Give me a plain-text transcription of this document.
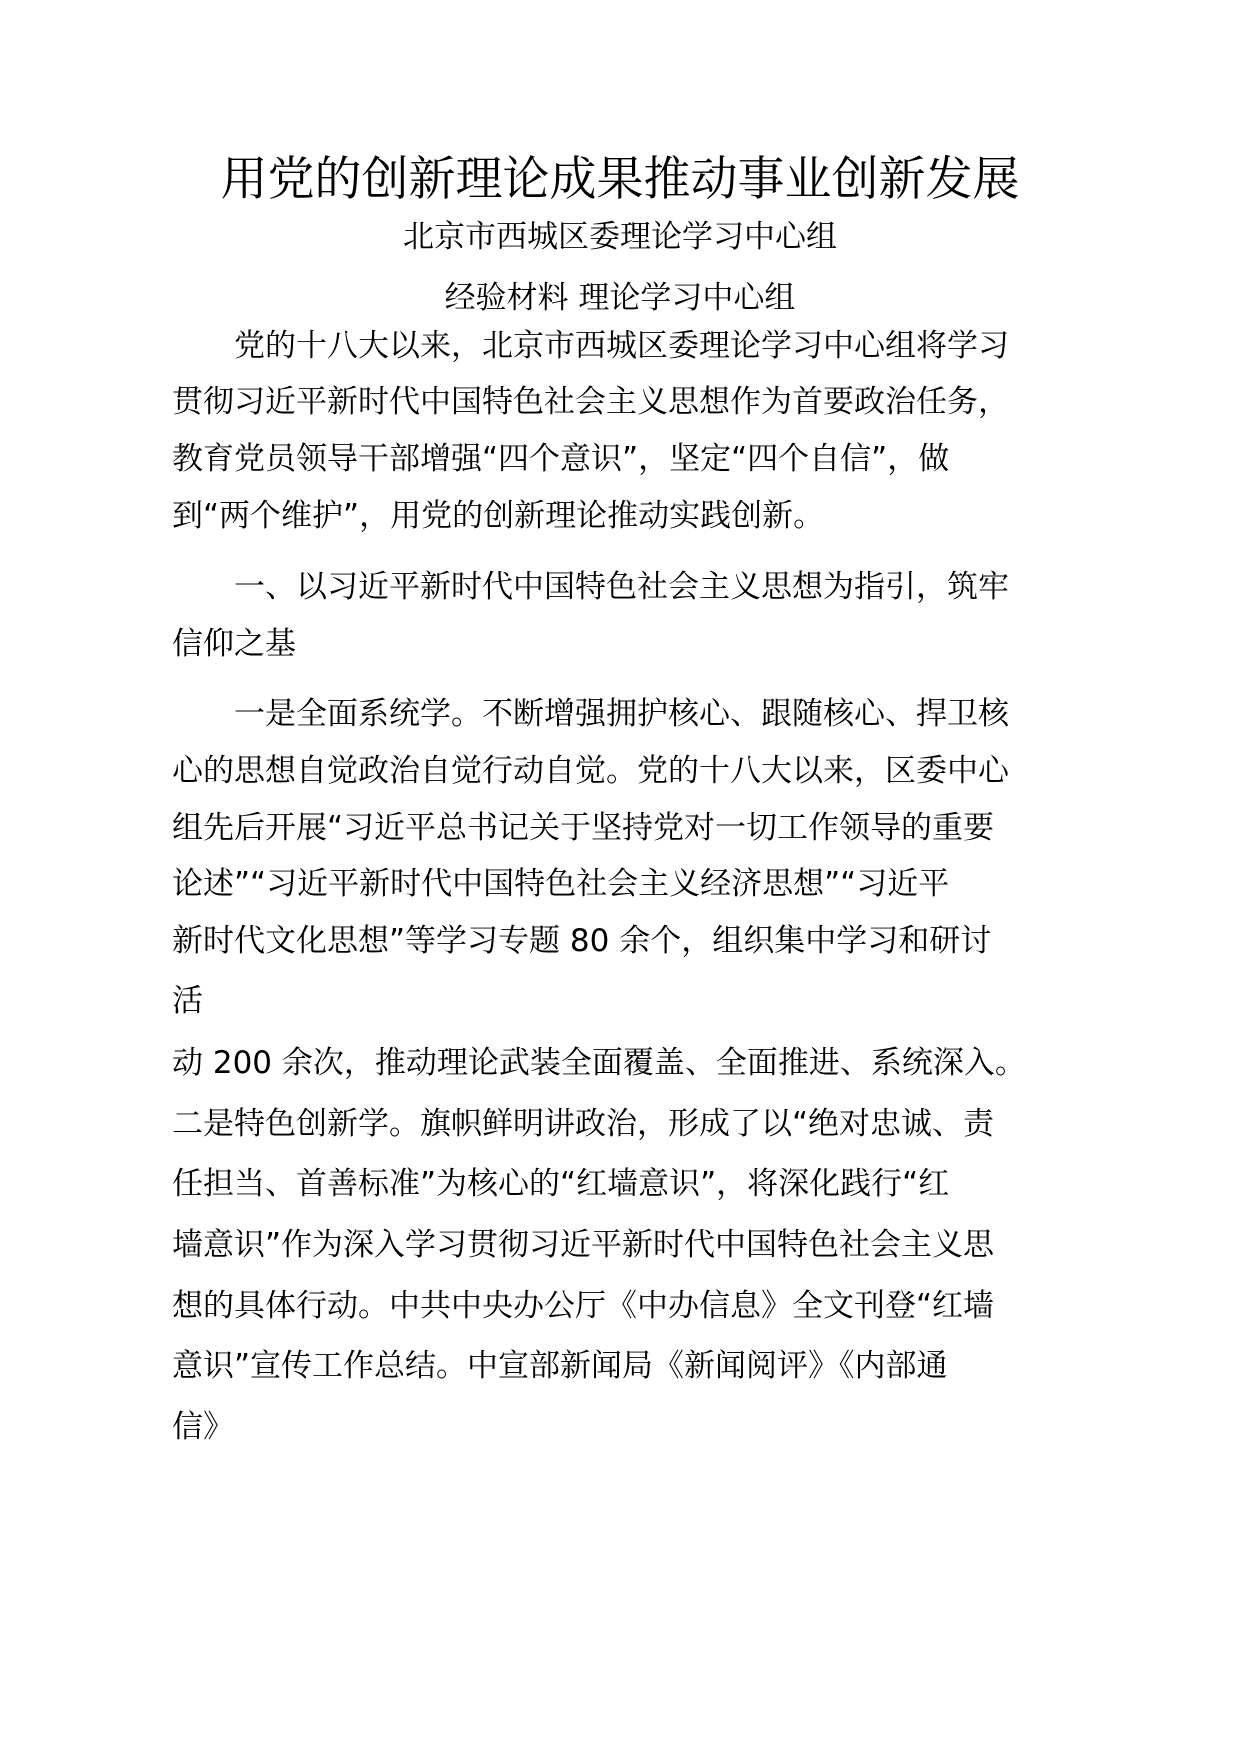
用党的创新理论成果推动事业创新发展
北京市西城区委理论学习中心组
经验材料 理论学习中心组
　　党的十八大以来，北京市西城区委理论学习中心组将学习
贯彻习近平新时代中国特色社会主义思想作为首要政治任务，
教育党员领导干部增强“四个意识”，坚定“四个自信”，做
到“两个维护”，用党的创新理论推动实践创新。
　　一、以习近平新时代中国特色社会主义思想为指引，筑牢
信仰之基
　　一是全面系统学。不断增强拥护核心、跟随核心、捍卫核
心的思想自觉政治自觉行动自觉。党的十八大以来，区委中心
组先后开展“习近平总书记关于坚持党对一切工作领导的重要
论述”“习近平新时代中国特色社会主义经济思想”“习近平
新时代文化思想”等学习专题 80 余个，组织集中学习和研讨
活
动 200 余次，推动理论武装全面覆盖、全面推进、系统深入。
二是特色创新学。旗帜鲜明讲政治，形成了以“绝对忠诚、责
任担当、首善标准”为核心的“红墙意识”，将深化践行“红
墙意识”作为深入学习贯彻习近平新时代中国特色社会主义思
想的具体行动。中共中央办公厅《中办信息》全文刊登“红墙
意识”宣传工作总结。中宣部新闻局《新闻阅评》《内部通
信》
